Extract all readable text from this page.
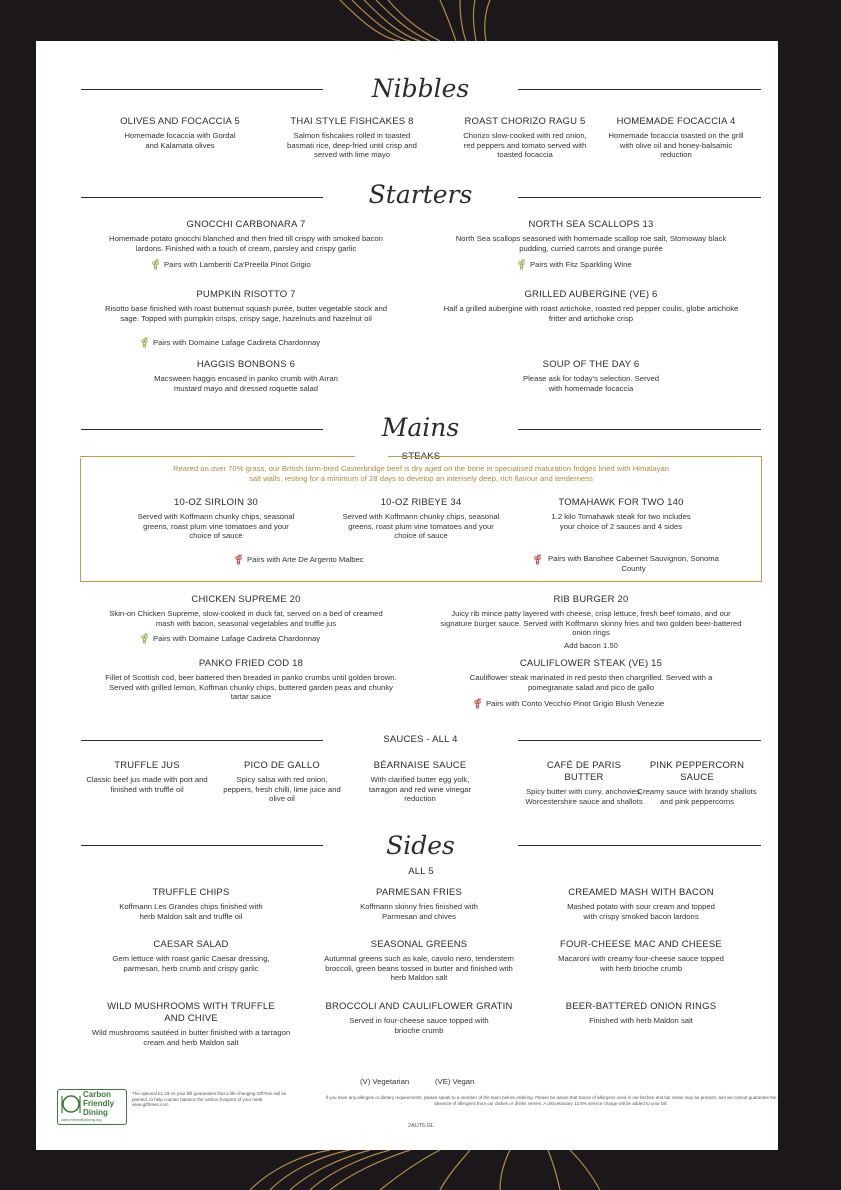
Nibbles
OLIVES AND FOCACCIA 5
Homemade focaccia with Gordal and Kalamata olives
THAI STYLE FISHCAKES 8
Salmon fishcakes rolled in toasted basmati rice, deep-fried until crisp and served with lime mayo
ROAST CHORIZO RAGU 5
Chorizo slow-cooked with red onion, red peppers and tomato served with toasted focaccia
HOMEMADE FOCACCIA 4
Homemade focaccia toasted on the grill with olive oil and honey-balsamic reduction
Starters
GNOCCHI CARBONARA 7
Homemade potato gnocchi blanched and then fried till crispy with smoked bacon lardons. Finished with a touch of cream, parsley and crispy garlic
Pairs with Lamberiti Ca'Preella Pinot Grigio
NORTH SEA SCALLOPS 13
North Sea scallops seasoned with homemade scallop roe salt, Stornoway black pudding, curried carrots and orange purée
Pairs with Fitz Sparkling Wine
PUMPKIN RISOTTO 7
Risotto base finished with roast butternut squash purée, butter vegetable stock and sage. Topped with pumpkin crisps, crispy sage, hazelnuts and hazelnut oil
Pairs with Domaine Lafage Cadireta Chardonnay
GRILLED AUBERGINE (VE) 6
Half a grilled aubergine with roast artichoke, roasted red pepper coulis, globe artichoke fritter and artichoke crisp
HAGGIS BONBONS 6
Macsween haggis encased in panko crumb with Arran mustard mayo and dressed roquette salad
SOUP OF THE DAY 6
Please ask for today's selection. Served with homemade focaccia
Mains
STEAKS
Reared on over 70% grass, our British farm-bred Casterbridge beef is dry aged on the bone in specialised maturation fridges lined with Himalayan salt walls, resting for a minimum of 28 days to develop an intensely deep, rich flavour and tenderness
10-OZ SIRLOIN 30
Served with Koffmann chunky chips, seasonal greens, roast plum vine tomatoes and your choice of sauce
10-OZ RIBEYE 34
Served with Koffmann chunky chips, seasonal greens, roast plum vine tomatoes and your choice of sauce
TOMAHAWK FOR TWO 140
1.2 kilo Tomahawk steak for two includes your choice of 2 sauces and 4 sides
Pairs with Arte De Argento Malbec	Pairs with Banshee Cabernet Sauvignon, Sonoma County
CHICKEN SUPREME 20
Skin-on Chicken Supreme, slow-cooked in duck fat, served on a bed of creamed mash with bacon, seasonal vegetables and truffle jus
Pairs with Domaine Lafage Cadireta Chardonnay
RIB BURGER 20
Juicy rib mince patty layered with cheese, crisp lettuce, fresh beef tomato, and our signature burger sauce. Served with Koffmann skinny fries and two golden beer-battered onion rings
Add bacon 1.50
PANKO FRIED COD 18
Fillet of Scottish cod, beer battered then breaded in panko crumbs until golden brown. Served with grilled lemon, Koffman chunky chips, buttered garden peas and chunky tartar sauce
CAULIFLOWER STEAK (VE) 15
Cauliflower steak marinated in red pesto then chargrilled. Served with a pomegranate salad and pico de gallo
Pairs with Conto Vecchio Pinot Grigio Blush Venezie
SAUCES - ALL 4
TRUFFLE JUS
Classic beef jus made with port and finished with truffle oil
PICO DE GALLO
Spicy salsa with red onion, peppers, fresh chilli, lime juice and olive oil
BÉARNAISE SAUCE
With clarified butter egg yolk, tarragon and red wine vinegar reduction
CAFÉ DE PARIS BUTTER
Spicy butter with curry, anchovies, Worcestershire sauce and shallots
PINK PEPPERCORN SAUCE
Creamy sauce with brandy shallots and pink peppercorns
Sides
ALL 5
TRUFFLE CHIPS
Koffmann Les Grandes chips finished with herb Maldon salt and truffle oil
PARMESAN FRIES
Koffmann skinny fries finished with Parmesan and chives
CREAMED MASH WITH BACON
Mashed potato with sour cream and topped with crispy smoked bacon lardons
CAESAR SALAD
Gem lettuce with roast garlic Caesar dressing, parmesan, herb crumb and crispy garlic
SEASONAL GREENS
Autumnal greens such as kale, cavolo nero, tenderstem broccoli, green beans tossed in butter and finished with herb Maldon salt
FOUR-CHEESE MAC AND CHEESE
Macaroni with creamy four-cheese sauce topped with herb brioche crumb
WILD MUSHROOMS WITH TRUFFLE AND CHIVE
Wild mushrooms sautéed in butter finished with a tarragon cream and herb Maldon salt
BROCCOLI AND CAULIFLOWER GRATIN
Served in four-cheese sauce topped with brioche crumb
BEER-BATTERED ONION RINGS
Finished with herb Maldon salt
(V) Vegetarian	(VE) Vegan
Carbon
Friendly
Dining
carbonfriendlydining.org
The optional £1.23 on your bill guarantees that a life-changing GiftTree will be planted, to help counter balance the carbon footprint of your meal. www.gifttrees.com
If you have any allergies or dietary requirements, please speak to a member of the team before ordering. Please be aware that traces of allergens used in our kitchen and bar areas may be present, and we cannot guarantee the absence of allergens from our dishes or drinks serves. A discretionary 12.5% service charge will be added to your bill.
2AUT5.GL
